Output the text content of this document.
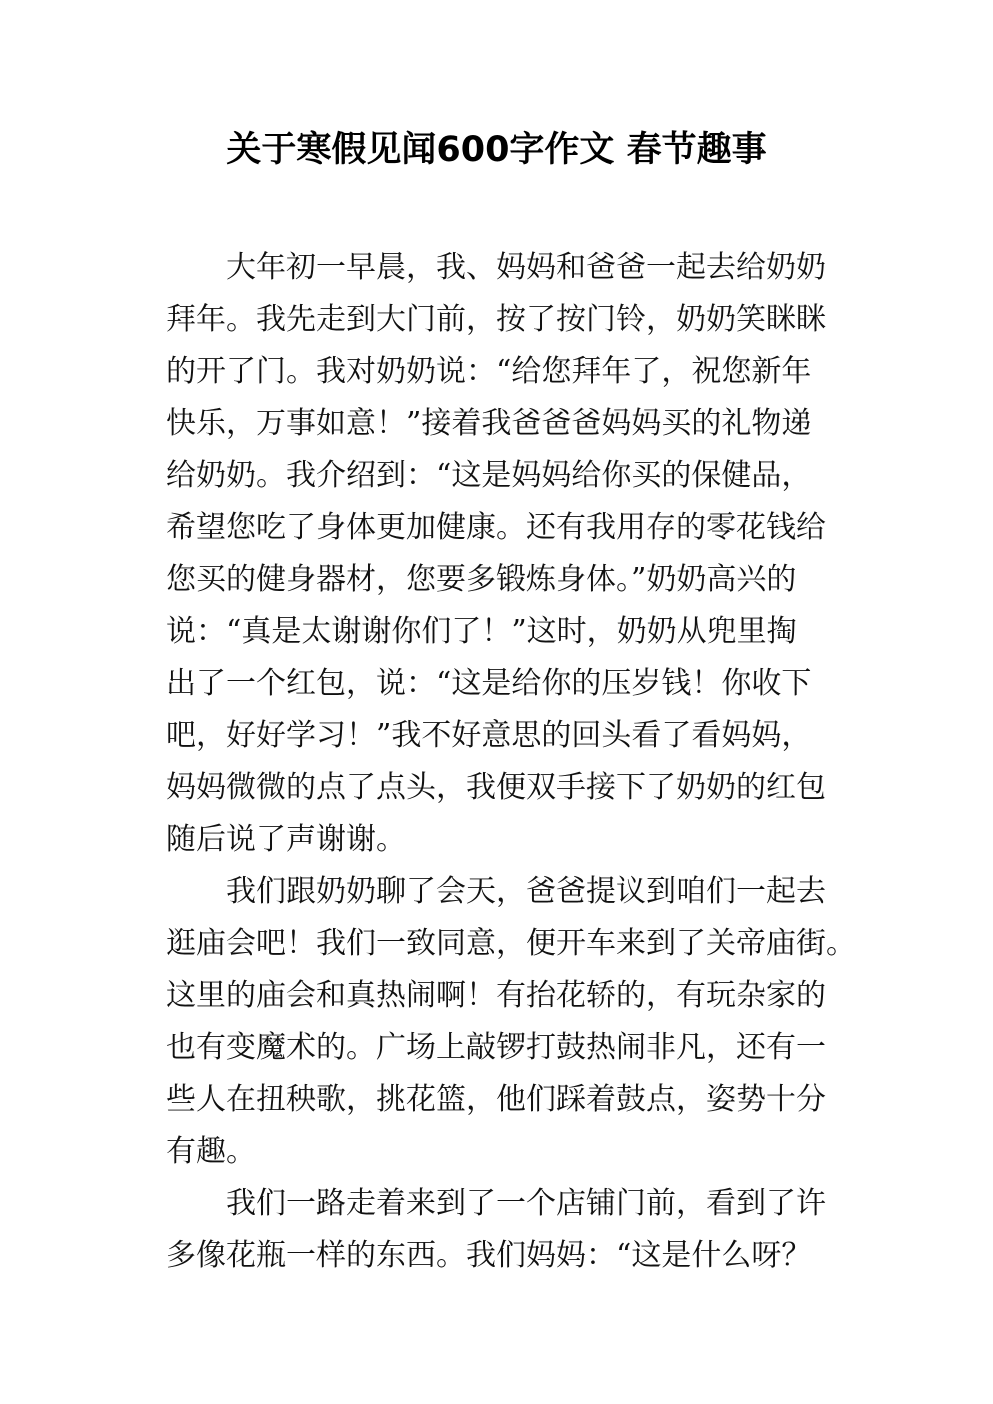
关于寒假见闻600字作文 春节趣事
大年初一早晨，我、妈妈和爸爸一起去给奶奶
拜年。我先走到大门前，按了按门铃，奶奶笑眯眯
的开了门。我对奶奶说：“给您拜年了，祝您新年
快乐，万事如意！”接着我爸爸爸妈妈买的礼物递
给奶奶。我介绍到：“这是妈妈给你买的保健品，
希望您吃了身体更加健康。还有我用存的零花钱给
您买的健身器材，您要多锻炼身体。”奶奶高兴的
说：“真是太谢谢你们了！”这时，奶奶从兜里掏
出了一个红包，说：“这是给你的压岁钱！你收下
吧，好好学习！”我不好意思的回头看了看妈妈，
妈妈微微的点了点头，我便双手接下了奶奶的红包
随后说了声谢谢。
我们跟奶奶聊了会天，爸爸提议到咱们一起去
逛庙会吧！我们一致同意，便开车来到了关帝庙街。
这里的庙会和真热闹啊！有抬花轿的，有玩杂家的
也有变魔术的。广场上敲锣打鼓热闹非凡，还有一
些人在扭秧歌，挑花篮，他们踩着鼓点，姿势十分
有趣。
我们一路走着来到了一个店铺门前，看到了许
多像花瓶一样的东西。我们妈妈：“这是什么呀？
